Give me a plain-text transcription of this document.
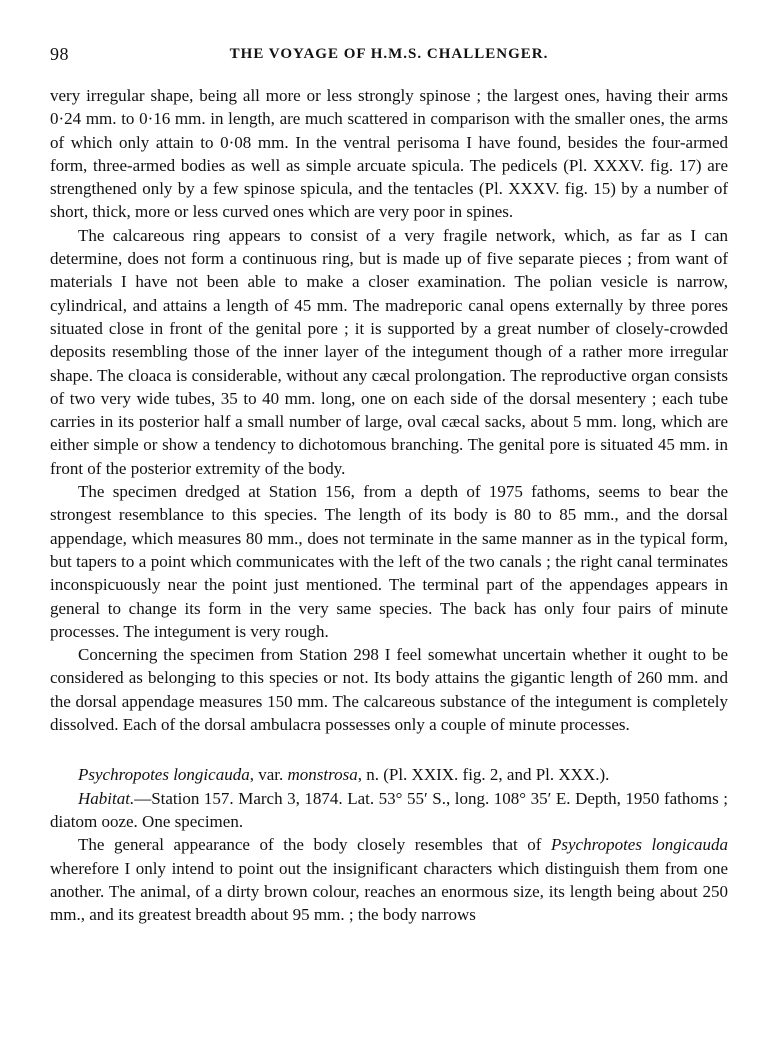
98	THE VOYAGE OF H.M.S. CHALLENGER.

very irregular shape, being all more or less strongly spinose ; the largest ones, having their arms 0·24 mm. to 0·16 mm. in length, are much scattered in comparison with the smaller ones, the arms of which only attain to 0·08 mm. In the ventral perisoma I have found, besides the four-armed form, three-armed bodies as well as simple arcuate spicula. The pedicels (Pl. XXXV. fig. 17) are strengthened only by a few spinose spicula, and the tentacles (Pl. XXXV. fig. 15) by a number of short, thick, more or less curved ones which are very poor in spines.

The calcareous ring appears to consist of a very fragile network, which, as far as I can determine, does not form a continuous ring, but is made up of five separate pieces ; from want of materials I have not been able to make a closer examination. The polian vesicle is narrow, cylindrical, and attains a length of 45 mm. The madreporic canal opens externally by three pores situated close in front of the genital pore ; it is supported by a great number of closely-crowded deposits resembling those of the inner layer of the integument though of a rather more irregular shape. The cloaca is considerable, without any cæcal prolongation. The reproductive organ consists of two very wide tubes, 35 to 40 mm. long, one on each side of the dorsal mesentery ; each tube carries in its posterior half a small number of large, oval cæcal sacks, about 5 mm. long, which are either simple or show a tendency to dichotomous branching. The genital pore is situated 45 mm. in front of the posterior extremity of the body.

The specimen dredged at Station 156, from a depth of 1975 fathoms, seems to bear the strongest resemblance to this species. The length of its body is 80 to 85 mm., and the dorsal appendage, which measures 80 mm., does not terminate in the same manner as in the typical form, but tapers to a point which communicates with the left of the two canals ; the right canal terminates inconspicuously near the point just mentioned. The terminal part of the appendages appears in general to change its form in the very same species. The back has only four pairs of minute processes. The integument is very rough.

Concerning the specimen from Station 298 I feel somewhat uncertain whether it ought to be considered as belonging to this species or not. Its body attains the gigantic length of 260 mm. and the dorsal appendage measures 150 mm. The calcareous substance of the integument is completely dissolved. Each of the dorsal ambulacra possesses only a couple of minute processes.

Psychropotes longicauda, var. monstrosa, n. (Pl. XXIX. fig. 2, and Pl. XXX.).

Habitat.—Station 157. March 3, 1874. Lat. 53° 55′ S., long. 108° 35′ E. Depth, 1950 fathoms ; diatom ooze. One specimen.

The general appearance of the body closely resembles that of Psychropotes longicauda wherefore I only intend to point out the insignificant characters which distinguish them from one another. The animal, of a dirty brown colour, reaches an enormous size, its length being about 250 mm., and its greatest breadth about 95 mm. ; the body narrows
